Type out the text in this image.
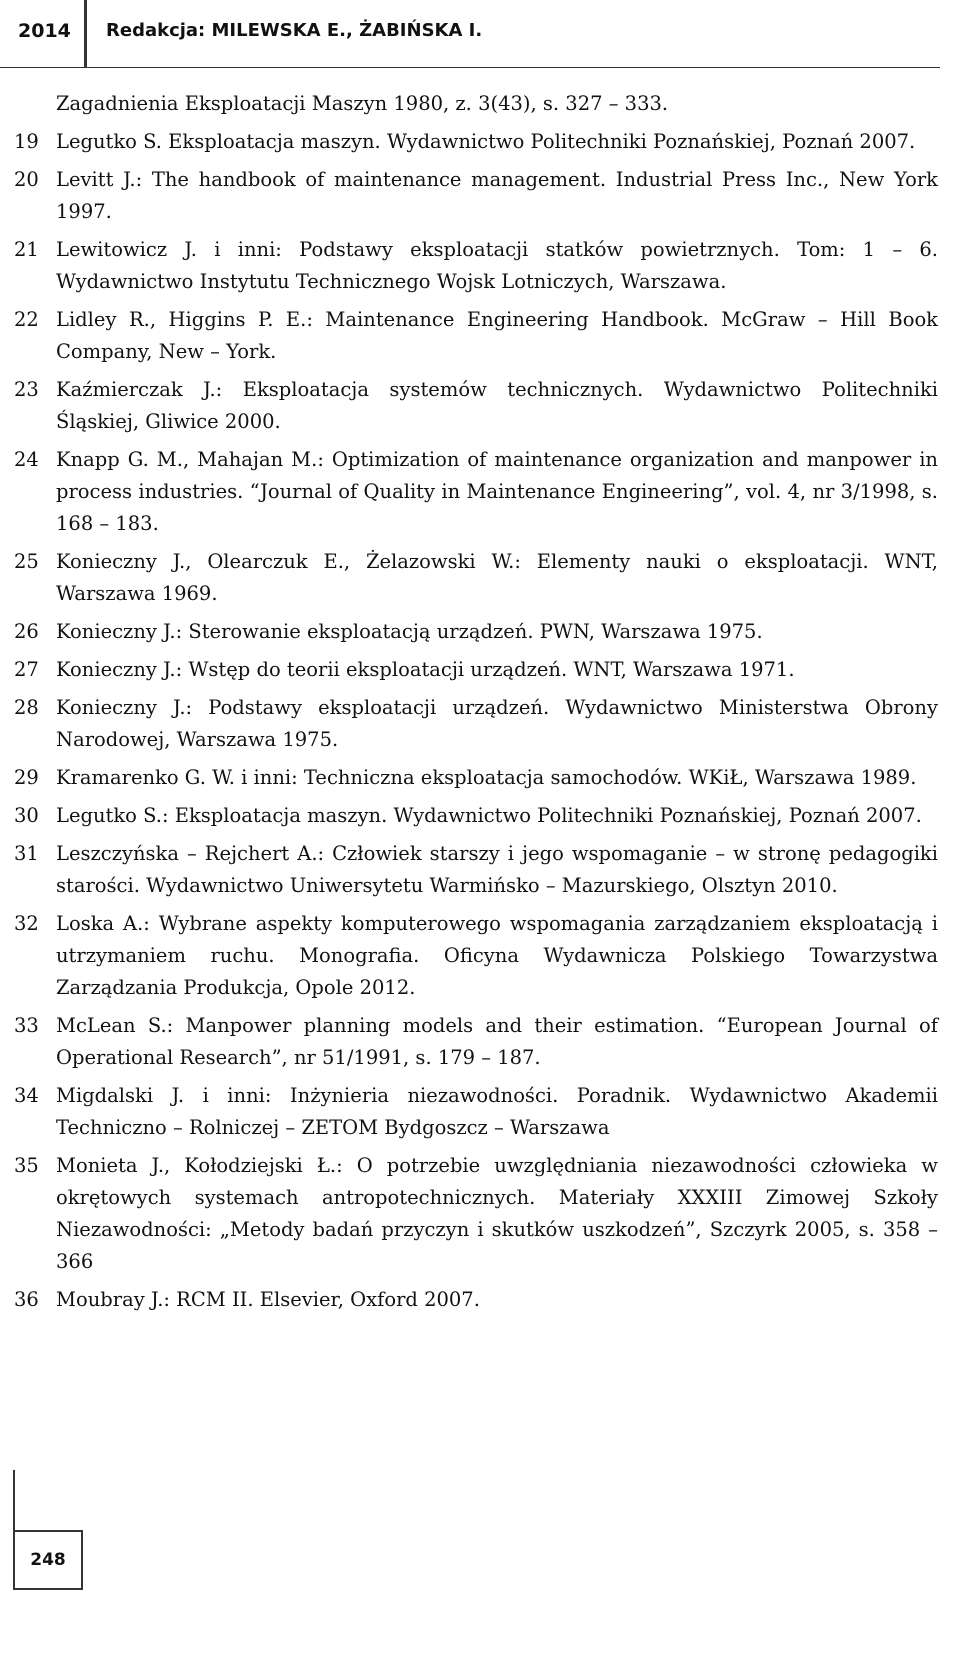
2014 Redakcja: MILEWSKA E., ŻABIŃSKA I.
Zagadnienia Eksploatacji Maszyn 1980, z. 3(43), s. 327 – 333.
19 Legutko S. Eksploatacja maszyn. Wydawnictwo Politechniki Poznańskiej, Poznań 2007.
20 Levitt J.: The handbook of maintenance management. Industrial Press Inc., New York 1997.
21 Lewitowicz J. i inni: Podstawy eksploatacji statków powietrznych. Tom: 1 – 6. Wydawnictwo Instytutu Technicznego Wojsk Lotniczych, Warszawa.
22 Lidley R., Higgins P. E.: Maintenance Engineering Handbook. McGraw – Hill Book Company, New – York.
23 Kaźmierczak J.: Eksploatacja systemów technicznych. Wydawnictwo Politechniki Śląskiej, Gliwice 2000.
24 Knapp G. M., Mahajan M.: Optimization of maintenance organization and manpower in process industries. “Journal of Quality in Maintenance Engineering”, vol. 4, nr 3/1998, s. 168 – 183.
25 Konieczny J., Olearczuk E., Żelazowski W.: Elementy nauki o eksploatacji. WNT, Warszawa 1969.
26 Konieczny J.: Sterowanie eksploatacją urządzeń. PWN, Warszawa 1975.
27 Konieczny J.: Wstęp do teorii eksploatacji urządzeń. WNT, Warszawa 1971.
28 Konieczny J.: Podstawy eksploatacji urządzeń. Wydawnictwo Ministerstwa Obrony Narodowej, Warszawa 1975.
29 Kramarenko G. W. i inni: Techniczna eksploatacja samochodów. WKiŁ, Warszawa 1989.
30 Legutko S.: Eksploatacja maszyn. Wydawnictwo Politechniki Poznańskiej, Poznań 2007.
31 Leszczyńska – Rejchert A.: Człowiek starszy i jego wspomaganie – w stronę pedagogiki starości. Wydawnictwo Uniwersytetu Warmińsko – Mazurskiego, Olsztyn 2010.
32 Loska A.: Wybrane aspekty komputerowego wspomagania zarządzaniem eksploatacją i utrzymaniem ruchu. Monografia. Oficyna Wydawnicza Polskiego Towarzystwa Zarządzania Produkcja, Opole 2012.
33 McLean S.: Manpower planning models and their estimation. “European Journal of Operational Research”, nr 51/1991, s. 179 – 187.
34 Migdalski J. i inni: Inżynieria niezawodności. Poradnik. Wydawnictwo Akademii Techniczno – Rolniczej – ZETOM Bydgoszcz – Warszawa
35 Monieta J., Kołodziejski Ł.: O potrzebie uwzględniania niezawodności człowieka w okrętowych systemach antropotechnicznych. Materiały XXXIII Zimowej Szkoły Niezawodności: „Metody badań przyczyn i skutków uszkodzeń”, Szczyrk 2005, s. 358 – 366
36 Moubray J.: RCM II. Elsevier, Oxford 2007.
248
